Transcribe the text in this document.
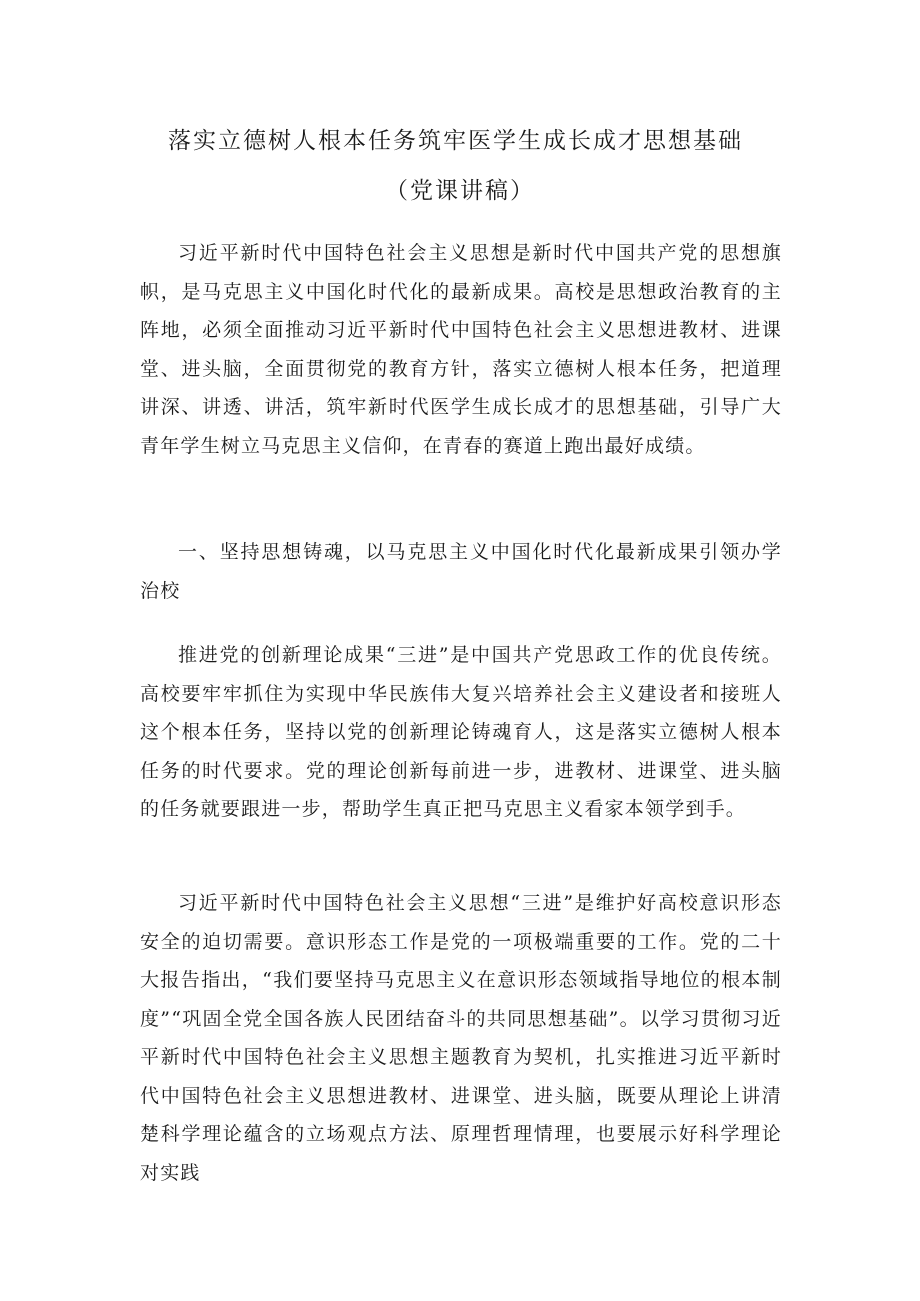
落实立德树人根本任务筑牢医学生成长成才思想基础
（党课讲稿）

习近平新时代中国特色社会主义思想是新时代中国共产党的思想旗帜，是马克思主义中国化时代化的最新成果。高校是思想政治教育的主阵地，必须全面推动习近平新时代中国特色社会主义思想进教材、进课堂、进头脑，全面贯彻党的教育方针，落实立德树人根本任务，把道理讲深、讲透、讲活，筑牢新时代医学生成长成才的思想基础，引导广大青年学生树立马克思主义信仰，在青春的赛道上跑出最好成绩。

一、坚持思想铸魂，以马克思主义中国化时代化最新成果引领办学治校

推进党的创新理论成果“三进”是中国共产党思政工作的优良传统。高校要牢牢抓住为实现中华民族伟大复兴培养社会主义建设者和接班人这个根本任务，坚持以党的创新理论铸魂育人，这是落实立德树人根本任务的时代要求。党的理论创新每前进一步，进教材、进课堂、进头脑的任务就要跟进一步，帮助学生真正把马克思主义看家本领学到手。

习近平新时代中国特色社会主义思想“三进”是维护好高校意识形态安全的迫切需要。意识形态工作是党的一项极端重要的工作。党的二十大报告指出，“我们要坚持马克思主义在意识形态领域指导地位的根本制度”“巩固全党全国各族人民团结奋斗的共同思想基础”。以学习贯彻习近平新时代中国特色社会主义思想主题教育为契机，扎实推进习近平新时代中国特色社会主义思想进教材、进课堂、进头脑，既要从理论上讲清楚科学理论蕴含的立场观点方法、原理哲理情理，也要展示好科学理论对实践
